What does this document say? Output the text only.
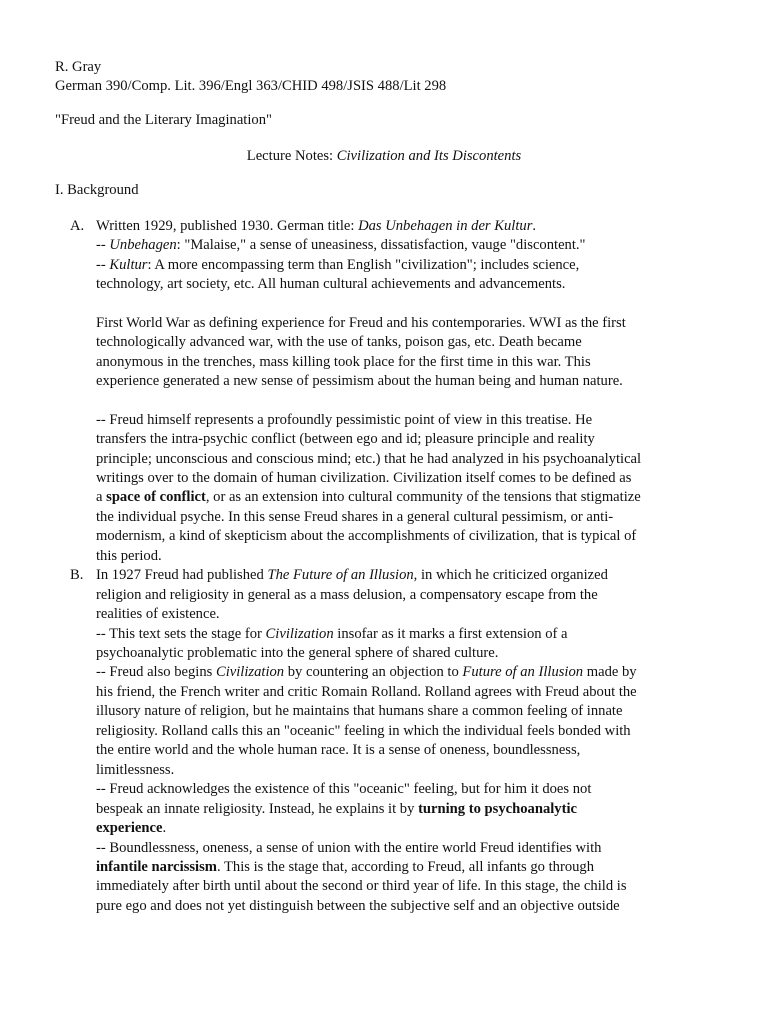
R. Gray
German 390/Comp. Lit. 396/Engl 363/CHID 498/JSIS 488/Lit 298
"Freud and the Literary Imagination"
Lecture Notes: Civilization and Its Discontents
I. Background
A. Written 1929, published 1930. German title: Das Unbehagen in der Kultur.
-- Unbehagen: "Malaise," a sense of uneasiness, dissatisfaction, vauge "discontent."
-- Kultur: A more encompassing term than English "civilization"; includes science,
technology, art society, etc. All human cultural achievements and advancements.
First World War as defining experience for Freud and his contemporaries. WWI as the first
technologically advanced war, with the use of tanks, poison gas, etc. Death became
anonymous in the trenches, mass killing took place for the first time in this war. This
experience generated a new sense of pessimism about the human being and human nature.
-- Freud himself represents a profoundly pessimistic point of view in this treatise. He
transfers the intra-psychic conflict (between ego and id; pleasure principle and reality
principle; unconscious and conscious mind; etc.) that he had analyzed in his psychoanalytical
writings over to the domain of human civilization. Civilization itself comes to be defined as
a space of conflict, or as an extension into cultural community of the tensions that stigmatize
the individual psyche. In this sense Freud shares in a general cultural pessimism, or anti-
modernism, a kind of skepticism about the accomplishments of civilization, that is typical of
this period.
B. In 1927 Freud had published The Future of an Illusion, in which he criticized organized
religion and religiosity in general as a mass delusion, a compensatory escape from the
realities of existence.
-- This text sets the stage for Civilization insofar as it marks a first extension of a
psychoanalytic problematic into the general sphere of shared culture.
-- Freud also begins Civilization by countering an objection to Future of an Illusion made by
his friend, the French writer and critic Romain Rolland. Rolland agrees with Freud about the
illusory nature of religion, but he maintains that humans share a common feeling of innate
religiosity. Rolland calls this an "oceanic" feeling in which the individual feels bonded with
the entire world and the whole human race. It is a sense of oneness, boundlessness,
limitlessness.
-- Freud acknowledges the existence of this "oceanic" feeling, but for him it does not
bespeak an innate religiosity. Instead, he explains it by turning to psychoanalytic
experience.
-- Boundlessness, oneness, a sense of union with the entire world Freud identifies with
infantile narcissism. This is the stage that, according to Freud, all infants go through
immediately after birth until about the second or third year of life. In this stage, the child is
pure ego and does not yet distinguish between the subjective self and an objective outside
